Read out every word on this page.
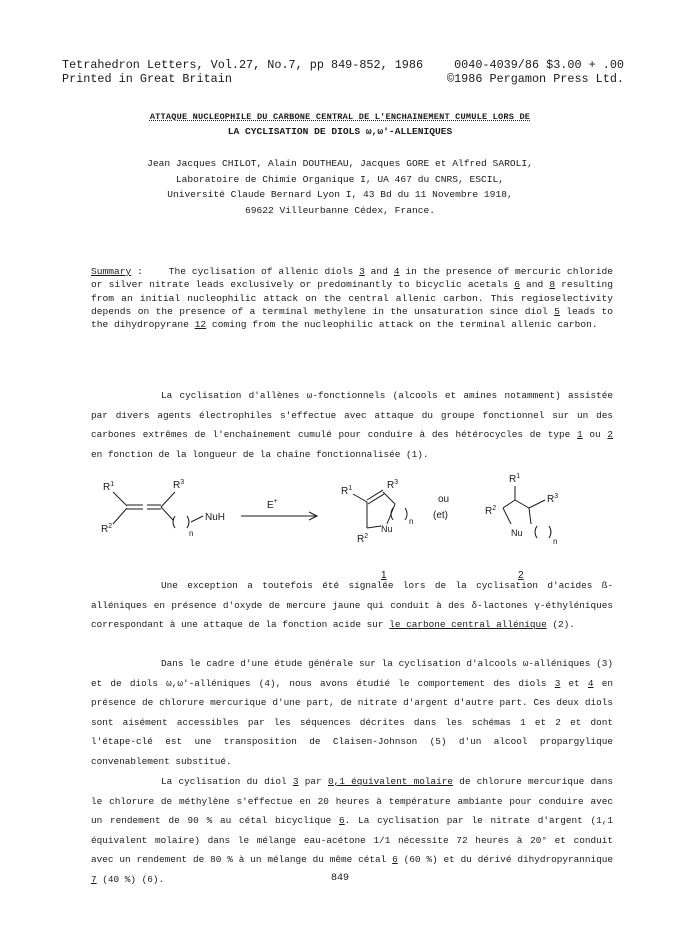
Tetrahedron Letters, Vol.27, No.7, pp 849-852, 1986	0040-4039/86 $3.00 + .00
Printed in Great Britain	©1986 Pergamon Press Ltd.
ATTAQUE NUCLEOPHILE DU CARBONE CENTRAL DE L'ENCHAINEMENT CUMULE LORS DE
LA CYCLISATION DE DIOLS ω,ω'-ALLENIQUES
Jean Jacques CHILOT, Alain DOUTHEAU, Jacques GORE et Alfred SAROLI,
Laboratoire de Chimie Organique I, UA 467 du CNRS, ESCIL,
Université Claude Bernard Lyon I, 43 Bd du 11 Novembre 1918,
69622 Villeurbanne Cédex, France.
Summary : The cyclisation of allenic diols 3 and 4 in the presence of mercuric chloride or silver nitrate leads exclusively or predominantly to bicyclic acetals 6 and 8 resulting from an initial nucleophilic attack on the central allenic carbon. This regioselectivity depends on the presence of a terminal methylene in the unsaturation since diol 5 leads to the dihydropyrane 12 coming from the nucleophilic attack on the terminal allenic carbon.
La cyclisation d'allènes ω-fonctionnels (alcools et amines notamment) assistée par divers agents électrophiles s'effectue avec attaque du groupe fonctionnel sur un des carbones extrêmes de l'enchaînement cumulé pour conduire à des hétérocycles de type 1 ou 2 en fonction de la longueur de la chaîne fonctionnalisée (1).
$R^1$
$R^2$
$R^3$
NuH
n
E+
$R^1$	$R^3$
$R^2$
Nu
n
ou
(et)	$R^2$
$R^1$
$R^3$
Nu
n
1	2
Une exception a toutefois été signalée lors de la cyclisation d'acides ß-alléniques en présence d'oxyde de mercure jaune qui conduit à des δ-lactones γ-éthyléniques correspondant à une attaque de la fonction acide sur le carbone central allénique (2).
Dans le cadre d'une étude générale sur la cyclisation d'alcools ω-alléniques (3) et de diols ω,ω'-alléniques (4), nous avons étudié le comportement des diols 3 et 4 en présence de chlorure mercurique d'une part, de nitrate d'argent d'autre part. Ces deux diols sont aisément accessibles par les séquences décrites dans les schémas 1 et 2 et dont l'étape-clé est une transposition de Claisen-Johnson (5) d'un alcool propargylique convenablement substitué.
La cyclisation du diol 3 par 0,1 équivalent molaire de chlorure mercurique dans le chlorure de méthylène s'effectue en 20 heures à température ambiante pour conduire avec un rendement de 90 % au cétal bicyclique 6. La cyclisation par le nitrate d'argent (1,1 équivalent molaire) dans le mélange eau-acétone 1/1 nécessite 72 heures à 20° et conduit avec un rendement de 80 % à un mélange du même cétal 6 (60 %) et du dérivé dihydropyrannique 7 (40 %) (6).	849
